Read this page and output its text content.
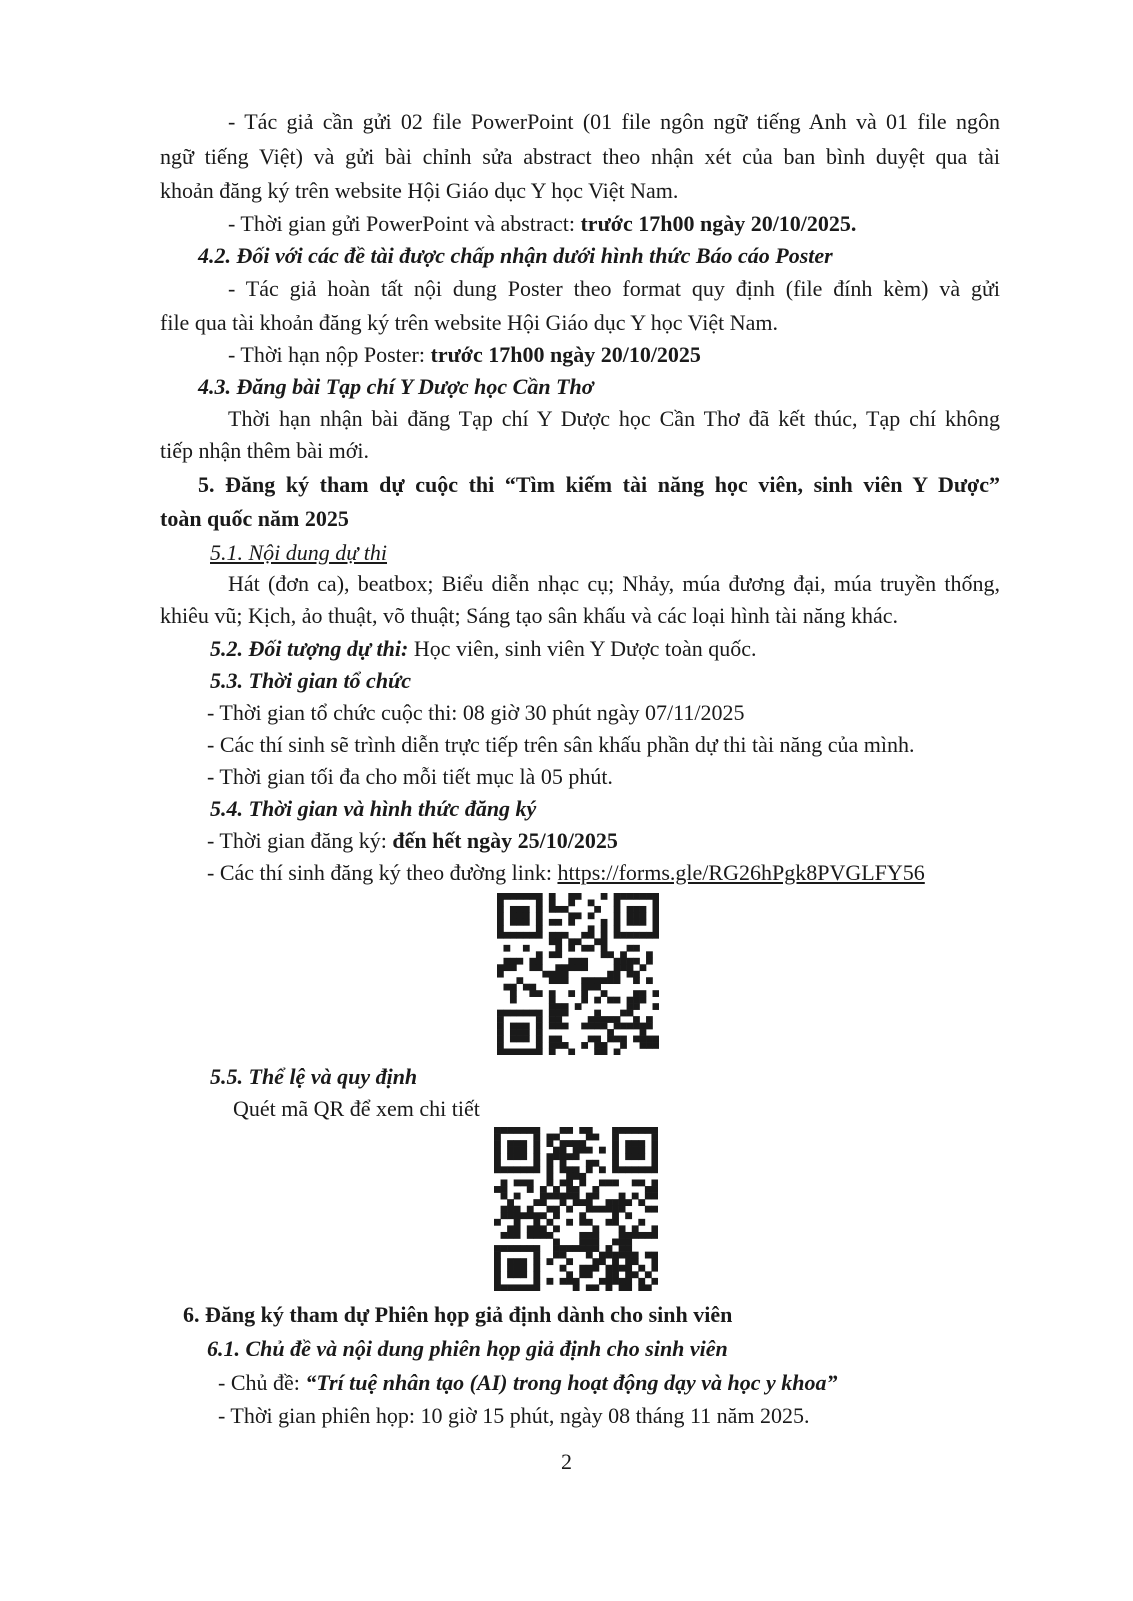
- Tác giả cần gửi 02 file PowerPoint (01 file ngôn ngữ tiếng Anh và 01 file ngôn

ngữ tiếng Việt) và gửi bài chỉnh sửa abstract theo nhận xét của ban bình duyệt qua tài

khoản đăng ký trên website Hội Giáo dục Y học Việt Nam.

- Thời gian gửi PowerPoint và abstract: trước 17h00 ngày 20/10/2025.

4.2. Đối với các đề tài được chấp nhận dưới hình thức Báo cáo Poster

- Tác giả hoàn tất nội dung Poster theo format quy định (file đính kèm) và gửi

file qua tài khoản đăng ký trên website Hội Giáo dục Y học Việt Nam.

- Thời hạn nộp Poster: trước 17h00 ngày 20/10/2025

4.3. Đăng bài Tạp chí Y Dược học Cần Thơ

Thời hạn nhận bài đăng Tạp chí Y Dược học Cần Thơ đã kết thúc, Tạp chí không

tiếp nhận thêm bài mới.

5. Đăng ký tham dự cuộc thi “Tìm kiếm tài năng học viên, sinh viên Y Dược”

toàn quốc năm 2025

5.1. Nội dung dự thi

Hát (đơn ca), beatbox; Biểu diễn nhạc cụ; Nhảy, múa đương đại, múa truyền thống,

khiêu vũ; Kịch, ảo thuật, võ thuật; Sáng tạo sân khấu và các loại hình tài năng khác.

5.2. Đối tượng dự thi: Học viên, sinh viên Y Dược toàn quốc.

5.3. Thời gian tổ chức

- Thời gian tổ chức cuộc thi: 08 giờ 30 phút ngày 07/11/2025

- Các thí sinh sẽ trình diễn trực tiếp trên sân khấu phần dự thi tài năng của mình.

- Thời gian tối đa cho mỗi tiết mục là 05 phút.

5.4. Thời gian và hình thức đăng ký

- Thời gian đăng ký: đến hết ngày 25/10/2025

- Các thí sinh đăng ký theo đường link: https://forms.gle/RG26hPgk8PVGLFY56

5.5. Thể lệ và quy định

Quét mã QR để xem chi tiết

6. Đăng ký tham dự Phiên họp giả định dành cho sinh viên

6.1. Chủ đề và nội dung phiên họp giả định cho sinh viên

- Chủ đề: “Trí tuệ nhân tạo (AI) trong hoạt động dạy và học y khoa”

- Thời gian phiên họp: 10 giờ 15 phút, ngày 08 tháng 11 năm 2025.

2
